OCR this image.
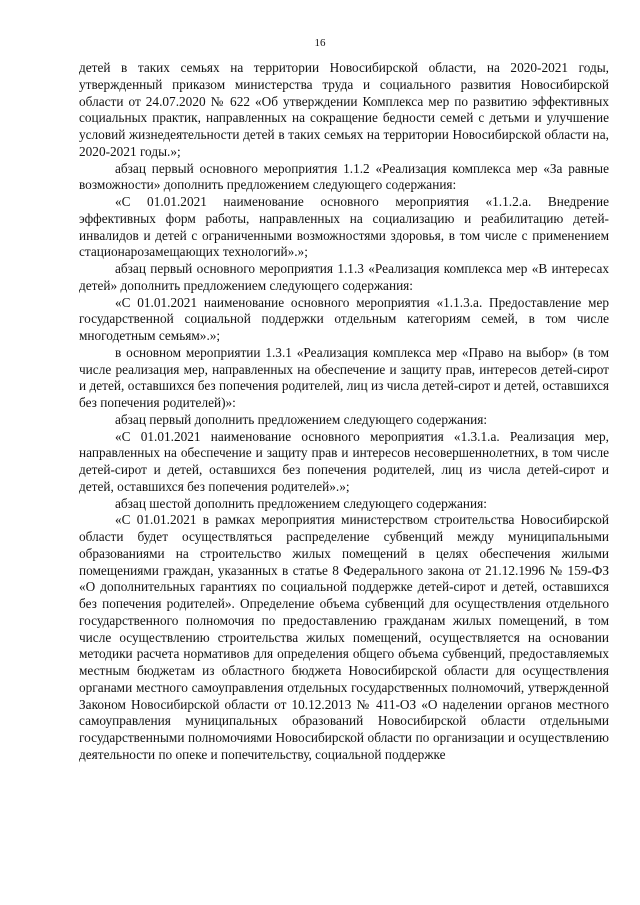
16

детей в таких семьях на территории Новосибирской области, на 2020-2021 годы, утвержденный приказом министерства труда и социального развития Новосибирской области от 24.07.2020 № 622 «Об утверждении Комплекса мер по развитию эффективных социальных практик, направленных на сокращение бедности семей с детьми и улучшение условий жизнедеятельности детей в таких семьях на территории Новосибирской области на, 2020-2021 годы.»;

абзац первый основного мероприятия 1.1.2 «Реализация комплекса мер «За равные возможности» дополнить предложением следующего содержания:

«С 01.01.2021 наименование основного мероприятия «1.1.2.а. Внедрение эффективных форм работы, направленных на социализацию и реабилитацию детей-инвалидов и детей с ограниченными возможностями здоровья, в том числе с применением стационарозамещающих технологий».»;

абзац первый основного мероприятия 1.1.3 «Реализация комплекса мер «В интересах детей» дополнить предложением следующего содержания:

«С 01.01.2021 наименование основного мероприятия «1.1.3.а. Предоставление мер государственной социальной поддержки отдельным категориям семей, в том числе многодетным семьям».»;

в основном мероприятии 1.3.1 «Реализация комплекса мер «Право на выбор» (в том числе реализация мер, направленных на обеспечение и защиту прав, интересов детей-сирот и детей, оставшихся без попечения родителей, лиц из числа детей-сирот и детей, оставшихся без попечения родителей)»:

абзац первый дополнить предложением следующего содержания:

«С 01.01.2021 наименование основного мероприятия «1.3.1.а. Реализация мер, направленных на обеспечение и защиту прав и интересов несовершеннолетних, в том числе детей-сирот и детей, оставшихся без попечения родителей, лиц из числа детей-сирот и детей, оставшихся без попечения родителей».»;

абзац шестой дополнить предложением следующего содержания:

«С 01.01.2021 в рамках мероприятия министерством строительства Новосибирской области будет осуществляться распределение субвенций между муниципальными образованиями на строительство жилых помещений в целях обеспечения жилыми помещениями граждан, указанных в статье 8 Федерального закона от 21.12.1996 № 159-ФЗ «О дополнительных гарантиях по социальной поддержке детей-сирот и детей, оставшихся без попечения родителей». Определение объема субвенций для осуществления отдельного государственного полномочия по предоставлению гражданам жилых помещений, в том числе осуществлению строительства жилых помещений, осуществляется на основании методики расчета нормативов для определения общего объема субвенций, предоставляемых местным бюджетам из областного бюджета Новосибирской области для осуществления органами местного самоуправления отдельных государственных полномочий, утвержденной Законом Новосибирской области от 10.12.2013 № 411-ОЗ «О наделении органов местного самоуправления муниципальных образований Новосибирской области отдельными государственными полномочиями Новосибирской области по организации и осуществлению деятельности по опеке и попечительству, социальной поддержке
